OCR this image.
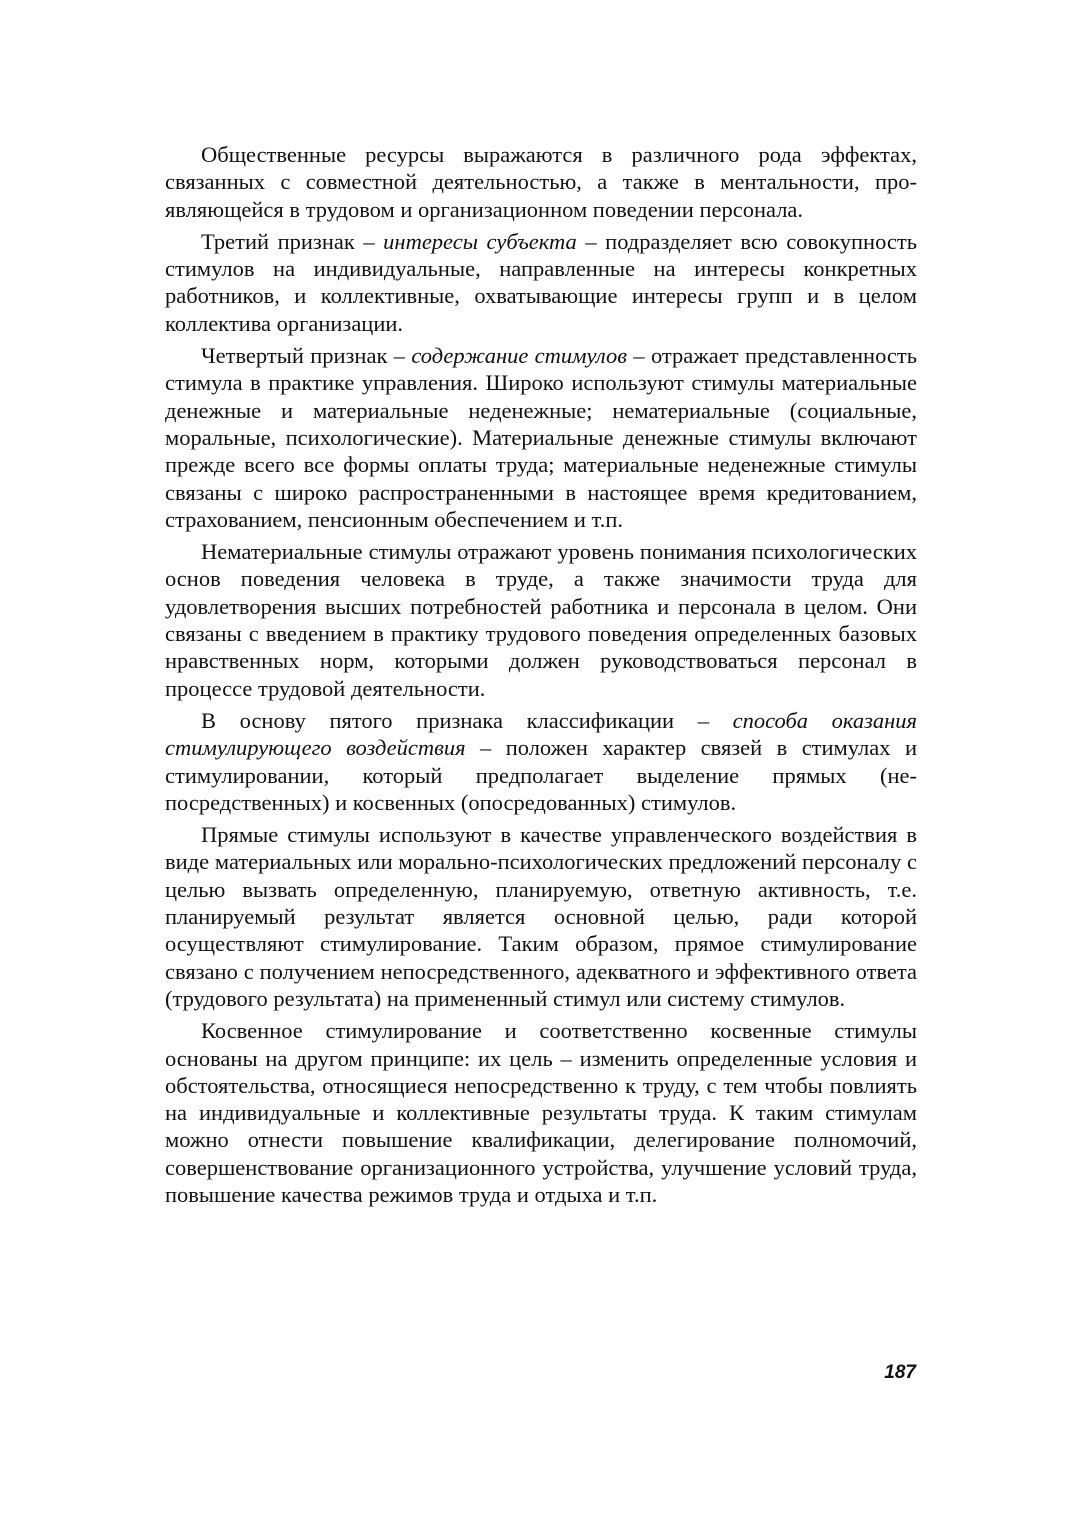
Общественные ресурсы выражаются в различного рода эффектах, связанных с совместной деятельностью, а также в ментальности, проявляющейся в трудовом и организационном поведении персонала.

Третий признак – интересы субъекта – подразделяет всю совокупность стимулов на индивидуальные, направленные на интересы конкретных работников, и коллективные, охватывающие интересы групп и в целом коллектива организации.

Четвертый признак – содержание стимулов – отражает представленность стимула в практике управления. Широко используют стимулы материальные денежные и материальные неденежные; нематериальные (социальные, моральные, психологические). Материальные денежные стимулы включают прежде всего все формы оплаты труда; материальные неденежные стимулы связаны с широко распространенными в настоящее время кредитованием, страхованием, пенсионным обеспечением и т.п.

Нематериальные стимулы отражают уровень понимания психологических основ поведения человека в труде, а также значимости труда для удовлетворения высших потребностей работника и персонала в целом. Они связаны с введением в практику трудового поведения определенных базовых нравственных норм, которыми должен руководствоваться персонал в процессе трудовой деятельности.

В основу пятого признака классификации – способа оказания стимулирующего воздействия – положен характер связей в стимулах и стимулировании, который предполагает выделение прямых (непосредственных) и косвенных (опосредованных) стимулов.

Прямые стимулы используют в качестве управленческого воздействия в виде материальных или морально-психологических предложений персоналу с целью вызвать определенную, планируемую, ответную активность, т.е. планируемый результат является основной целью, ради которой осуществляют стимулирование. Таким образом, прямое стимулирование связано с получением непосредственного, адекватного и эффективного ответа (трудового результата) на примененный стимул или систему стимулов.

Косвенное стимулирование и соответственно косвенные стимулы основаны на другом принципе: их цель – изменить определенные условия и обстоятельства, относящиеся непосредственно к труду, с тем чтобы повлиять на индивидуальные и коллективные результаты труда. К таким стимулам можно отнести повышение квалификации, делегирование полномочий, совершенствование организационного устройства, улучшение условий труда, повышение качества режимов труда и отдыха и т.п.

187
